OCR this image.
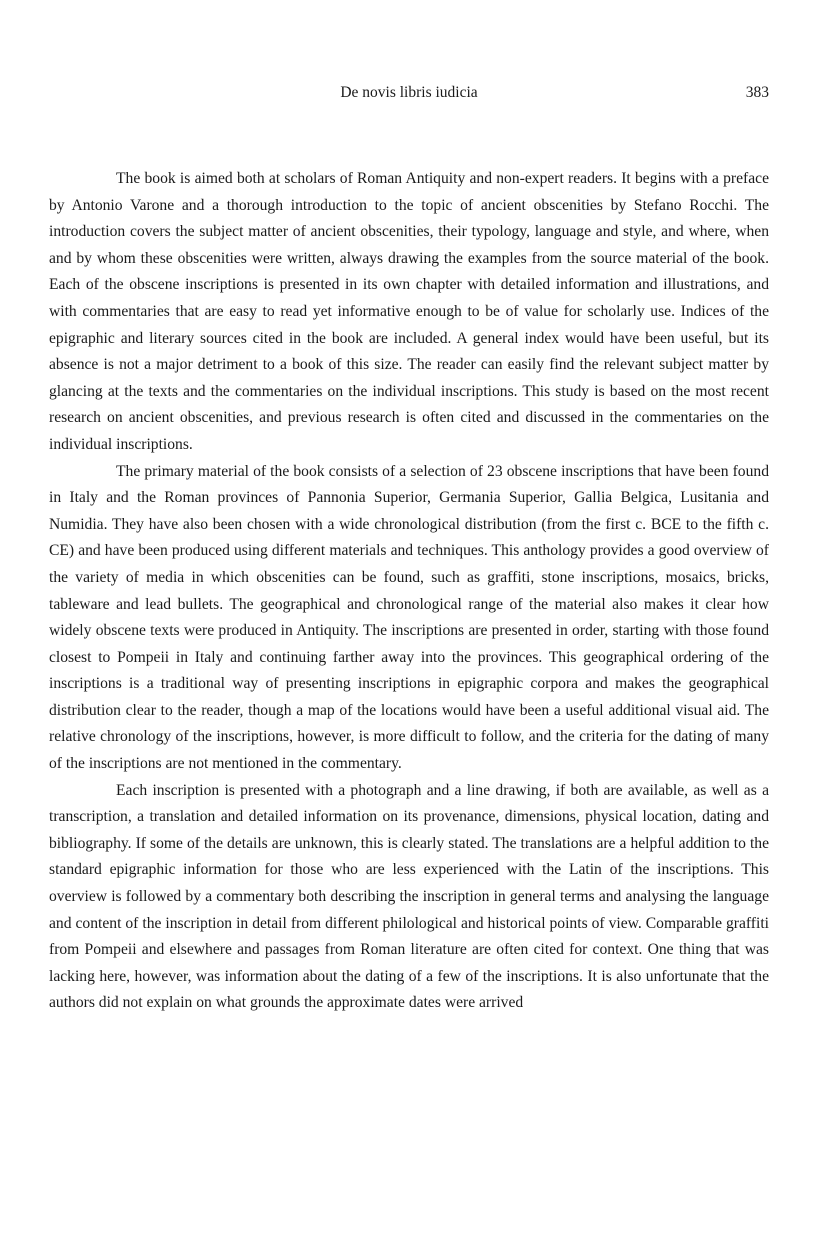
De novis libris iudicia	383

The book is aimed both at scholars of Roman Antiquity and non-expert readers. It begins with a preface by Antonio Varone and a thorough introduction to the topic of ancient obscenities by Stefano Rocchi. The introduction covers the subject matter of ancient obscenities, their typology, language and style, and where, when and by whom these obscenities were written, always drawing the examples from the source material of the book. Each of the obscene inscriptions is presented in its own chapter with detailed information and illustrations, and with commentaries that are easy to read yet informative enough to be of value for scholarly use. Indices of the epigraphic and literary sources cited in the book are included. A general index would have been useful, but its absence is not a major detriment to a book of this size. The reader can easily find the relevant subject matter by glancing at the texts and the commentaries on the individual inscriptions. This study is based on the most recent research on ancient obscenities, and previous research is often cited and discussed in the commentaries on the individual inscriptions.

The primary material of the book consists of a selection of 23 obscene inscriptions that have been found in Italy and the Roman provinces of Pannonia Superior, Germania Superior, Gallia Belgica, Lusitania and Numidia. They have also been chosen with a wide chronological distribution (from the first c. BCE to the fifth c. CE) and have been produced using different materials and techniques. This anthology provides a good overview of the variety of media in which obscenities can be found, such as graffiti, stone inscriptions, mosaics, bricks, tableware and lead bullets. The geographical and chronological range of the material also makes it clear how widely obscene texts were produced in Antiquity. The inscriptions are presented in order, starting with those found closest to Pompeii in Italy and continuing farther away into the provinces. This geographical ordering of the inscriptions is a traditional way of presenting inscriptions in epigraphic corpora and makes the geographical distribution clear to the reader, though a map of the locations would have been a useful additional visual aid. The relative chronology of the inscriptions, however, is more difficult to follow, and the criteria for the dating of many of the inscriptions are not mentioned in the commentary.

Each inscription is presented with a photograph and a line drawing, if both are available, as well as a transcription, a translation and detailed information on its provenance, dimensions, physical location, dating and bibliography. If some of the details are unknown, this is clearly stated. The translations are a helpful addition to the standard epigraphic information for those who are less experienced with the Latin of the inscriptions. This overview is followed by a commentary both describing the inscription in general terms and analysing the language and content of the inscription in detail from different philological and historical points of view. Comparable graffiti from Pompeii and elsewhere and passages from Roman literature are often cited for context. One thing that was lacking here, however, was information about the dating of a few of the inscriptions. It is also unfortunate that the authors did not explain on what grounds the approximate dates were arrived
